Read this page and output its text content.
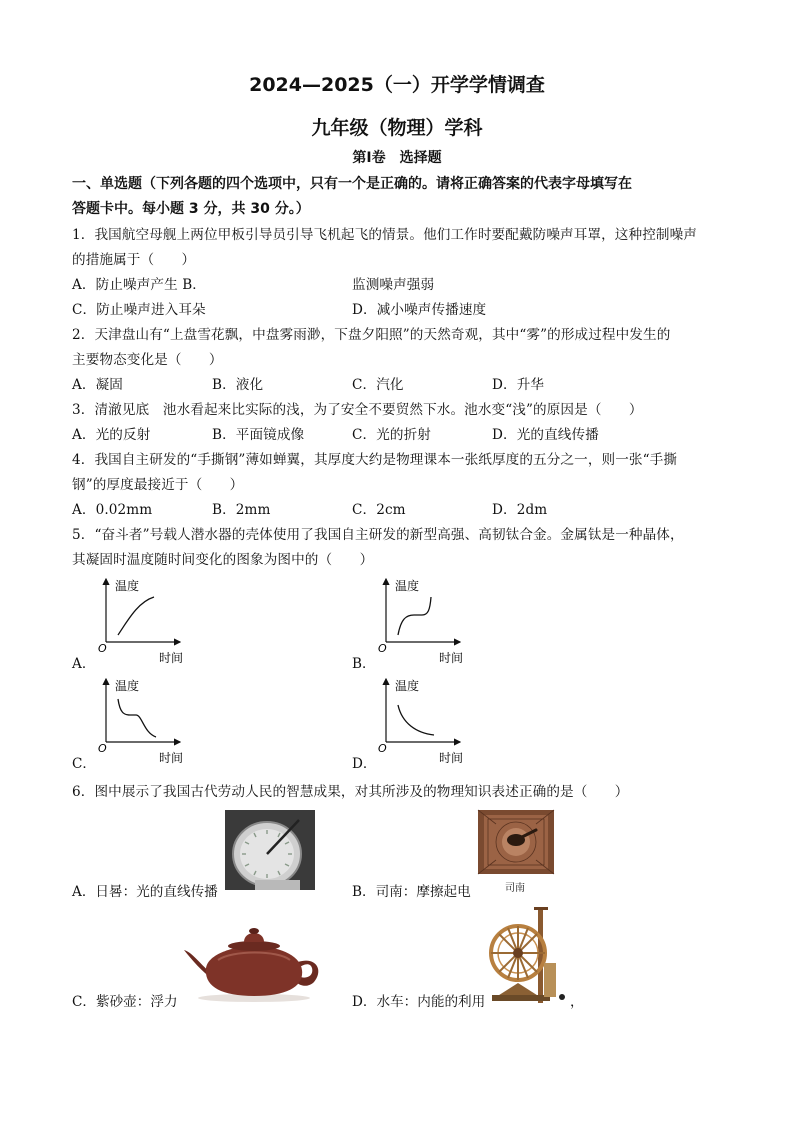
2024—2025（一）开学学情调查
九年级（物理）学科
第Ⅰ卷　选择题
一、单选题（下列各题的四个选项中，只有一个是正确的。请将正确答案的代表字母填写在
答题卡中。每小题 3 分，共 30 分。）
1．我国航空母舰上两位甲板引导员引导飞机起飞的情景。他们工作时要配戴防噪声耳罩，这种控制噪声
的措施属于（　　）
A．防止噪声产生 B．	监测噪声强弱
C．防止噪声进入耳朵	D．减小噪声传播速度
2．天津盘山有“上盘雪花飘，中盘雾雨渺，下盘夕阳照”的天然奇观，其中“雾”的形成过程中发生的
主要物态变化是（　　）
A．凝固	B．液化	C．汽化	D．升华
3．清澈见底　池水看起来比实际的浅，为了安全不要贸然下水。池水变“浅”的原因是（　　）
A．光的反射	B．平面镜成像	C．光的折射	D．光的直线传播
4．我国自主研发的“手撕钢”薄如蝉翼，其厚度大约是物理课本一张纸厚度的五分之一，则一张“手撕
钢”的厚度最接近于（　　）
A．0.02mm	B．2mm	C．2cm	D．2dm
5．“奋斗者”号载人潜水器的壳体使用了我国自主研发的新型高强、高韧钛合金。金属钛是一种晶体，
其凝固时温度随时间变化的图象为图中的（　　）
A．	B．
C．	D．
温度
时间
O
温度
时间
O
温度
时间
O
温度
时间
O
6．图中展示了我国古代劳动人民的智慧成果，对其所涉及的物理知识表述正确的是（　　）
司南
A．日晷：光的直线传播	B．司南：摩擦起电
，
C．紫砂壶：浮力	D．水车：内能的利用
